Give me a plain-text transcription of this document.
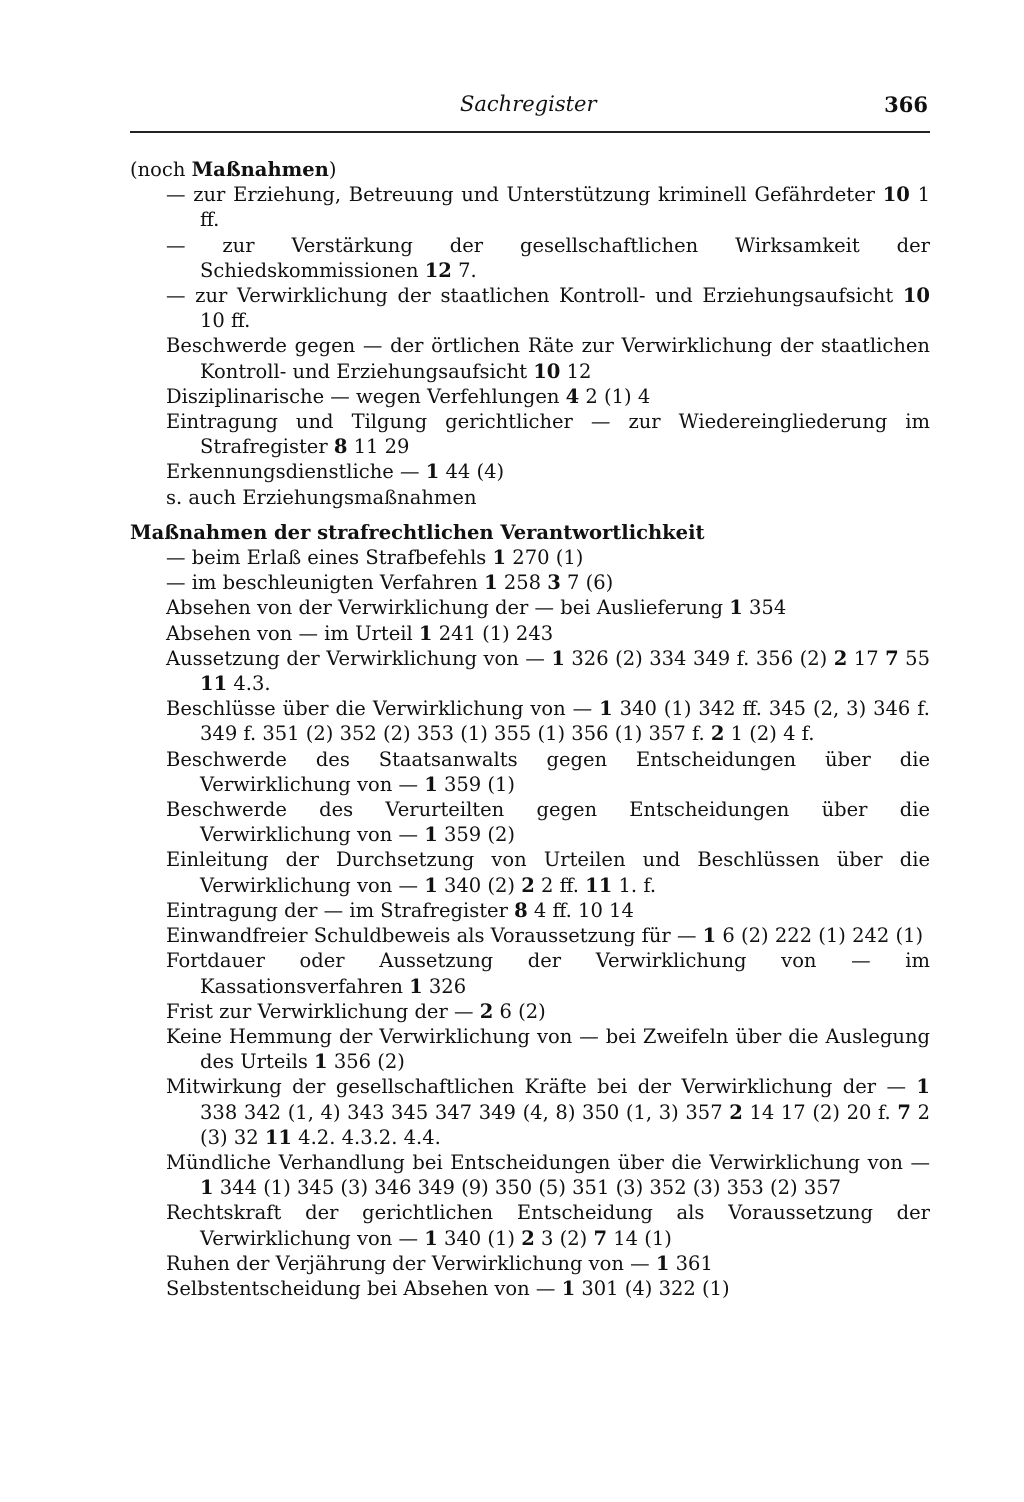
Sachregister	366

(noch Maßnahmen)

— zur Erziehung, Betreuung und Unterstützung kriminell Gefährdeter 10 1 ff.

— zur Verstärkung der gesellschaftlichen Wirksamkeit der Schiedskommissionen 12 7.

— zur Verwirklichung der staatlichen Kontroll- und Erziehungsaufsicht 10 10 ff.

Beschwerde gegen — der örtlichen Räte zur Verwirklichung der staatlichen Kontroll- und Erziehungsaufsicht 10 12

Disziplinarische — wegen Verfehlungen 4 2 (1) 4

Eintragung und Tilgung gerichtlicher — zur Wiedereingliederung im Strafregister 8 11 29

Erkennungsdienstliche — 1 44 (4)

s. auch Erziehungsmaßnahmen

Maßnahmen der strafrechtlichen Verantwortlichkeit

— beim Erlaß eines Strafbefehls 1 270 (1)

— im beschleunigten Verfahren 1 258 3 7 (6)

Absehen von der Verwirklichung der — bei Auslieferung 1 354

Absehen von — im Urteil 1 241 (1) 243

Aussetzung der Verwirklichung von — 1 326 (2) 334 349 f. 356 (2) 2 17 7 55 11 4.3.

Beschlüsse über die Verwirklichung von — 1 340 (1) 342 ff. 345 (2, 3) 346 f. 349 f. 351 (2) 352 (2) 353 (1) 355 (1) 356 (1) 357 f. 2 1 (2) 4 f.

Beschwerde des Staatsanwalts gegen Entscheidungen über die Verwirklichung von — 1 359 (1)

Beschwerde des Verurteilten gegen Entscheidungen über die Verwirklichung von — 1 359 (2)

Einleitung der Durchsetzung von Urteilen und Beschlüssen über die Verwirklichung von — 1 340 (2) 2 2 ff. 11 1. f.

Eintragung der — im Strafregister 8 4 ff. 10 14

Einwandfreier Schuldbeweis als Voraussetzung für — 1 6 (2) 222 (1) 242 (1)

Fortdauer oder Aussetzung der Verwirklichung von — im Kassationsverfahren 1 326

Frist zur Verwirklichung der — 2 6 (2)

Keine Hemmung der Verwirklichung von — bei Zweifeln über die Auslegung des Urteils 1 356 (2)

Mitwirkung der gesellschaftlichen Kräfte bei der Verwirklichung der — 1 338 342 (1, 4) 343 345 347 349 (4, 8) 350 (1, 3) 357 2 14 17 (2) 20 f. 7 2 (3) 32 11 4.2. 4.3.2. 4.4.

Mündliche Verhandlung bei Entscheidungen über die Verwirklichung von — 1 344 (1) 345 (3) 346 349 (9) 350 (5) 351 (3) 352 (3) 353 (2) 357

Rechtskraft der gerichtlichen Entscheidung als Voraussetzung der Verwirklichung von — 1 340 (1) 2 3 (2) 7 14 (1)

Ruhen der Verjährung der Verwirklichung von — 1 361

Selbstentscheidung bei Absehen von — 1 301 (4) 322 (1)
